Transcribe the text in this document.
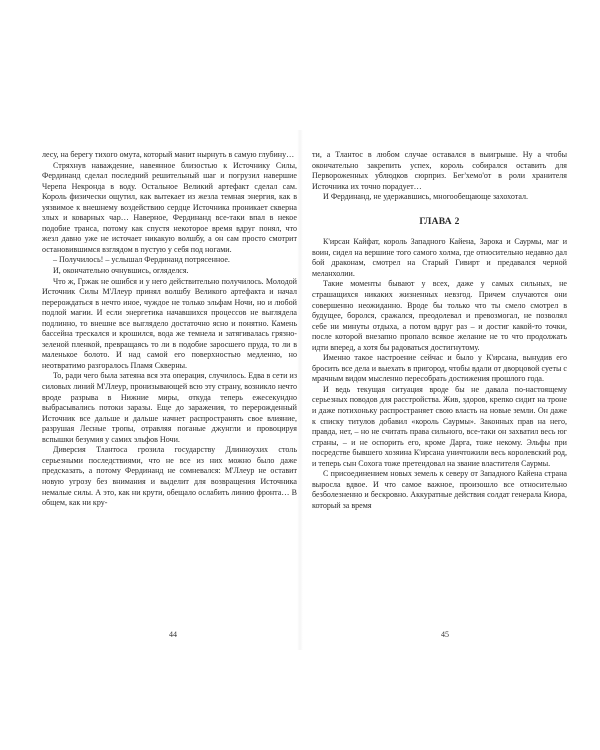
лесу, на берегу тихого омута, который манит нырнуть в самую глубину…

Стряхнув наваждение, навеянное близостью к Источнику Силы, Фердинанд сделал последний решительный шаг и погрузил навершие Черепа Некронда в воду. Остальное Великий артефакт сделал сам. Король физически ощутил, как вытекает из жезла темная энергия, как в уязвимое к внешнему воздействию сердце Источника проникает скверна злых и коварных чар… Наверное, Фердинанд все-таки впал в некое подобие транса, потому как спустя некоторое время вдруг понял, что жезл давно уже не источает никакую волшбу, а он сам просто смотрит остановившимся взглядом в пустую у себя под ногами.

– Получилось! – услышал Фердинанд потрясенное.

И, окончательно очнувшись, огляделся.

Что ж, Гржак не ошибся и у него действительно получилось. Молодой Источник Силы М'Ллеур принял волшбу Великого артефакта и начал перерождаться в нечто иное, чуждое не только эльфам Ночи, но и любой подлой магии. И если энергетика начавшихся процессов не выглядела подлинно, то внешне все выглядело достаточно ясно и понятно. Камень бассейна трескался и крошился, вода же темнела и затягивалась грязно-зеленой пленкой, превращаясь то ли в подобие заросшего пруда, то ли в маленькое болото. И над самой его поверхностью медленно, но неотвратимо разгоралось Пламя Скверны.

То, ради чего была затеяна вся эта операция, случилось. Едва в сети из силовых линий М'Ллеур, пронизывающей всю эту страну, возникло нечто вроде разрыва в Нижние миры, откуда теперь ежесекундно выбрасывались потоки заразы. Еще до заражения, то перерожденный Источник все дальше и дальше начнет распространять свое влияние, разрушая Лесные тропы, отравляя поганые джунгли и провоцируя вспышки безумия у самих эльфов Ночи.

Диверсия Тлантоса грозила государству Длинноухих столь серьезными последствиями, что не все из них можно было даже предсказать, а потому Фердинанд не сомневался: М'Ллеур не оставит новую угрозу без внимания и выделит для возвращения Источника немалые силы. А это, как ни крути, обещало ослабить линию фронта… В общем, как ни кру-

44

ти, а Тлантос в любом случае оставался в выигрыше. Ну а чтобы окончательно закрепить успех, король собирался оставить для Первороженных ублюдков сюрприз. Бег'хемо'от в роли хранителя Источника их точно порадует…

И Фердинанд, не удержавшись, многообещающе захохотал.

ГЛАВА 2

К'ирсан Кайфат, король Западного Кайена, Зарока и Саурмы, маг и воин, сидел на вершине того самого холма, где относительно недавно дал бой драконам, смотрел на Старый Гивирт и предавался черной меланхолии.

Такие моменты бывают у всех, даже у самых сильных, не страшащихся никаких жизненных невзгод. Причем случаются они совершенно неожиданно. Вроде бы только что ты смело смотрел в будущее, боролся, сражался, преодолевал и превозмогал, не позволял себе ни минуты отдыха, а потом вдруг раз – и достиг какой-то точки, после которой внезапно пропало всякое желание не то что продолжать идти вперед, а хотя бы радоваться достигнутому.

Именно такое настроение сейчас и было у К'ирсана, вынудив его бросить все дела и выехать в пригород, чтобы вдали от дворцовой суеты с мрачным видом мысленно пересобрать достижения прошлого года.

И ведь текущая ситуация вроде бы не давала по-настоящему серьезных поводов для расстройства. Жив, здоров, крепко сидит на троне и даже потихоньку распространяет свою власть на новые земли. Он даже к списку титулов добавил «король Саурмы». Законных прав на него, правда, нет, – но не считать права сильного, все-таки он захватил весь юг страны, – и не оспорить его, кроме Дарга, тоже некому. Эльфы при посредстве бывшего хозяина К'ирсана уничтожили весь королевский род, и теперь сын Сохога тоже претендовал на звание властителя Саурмы.

С присоединением новых земель к северу от Западного Кайена страна выросла вдвое. И что самое важное, произошло все относительно безболезненно и бескровно. Аккуратные действия солдат генерала Киора, который за время

45
